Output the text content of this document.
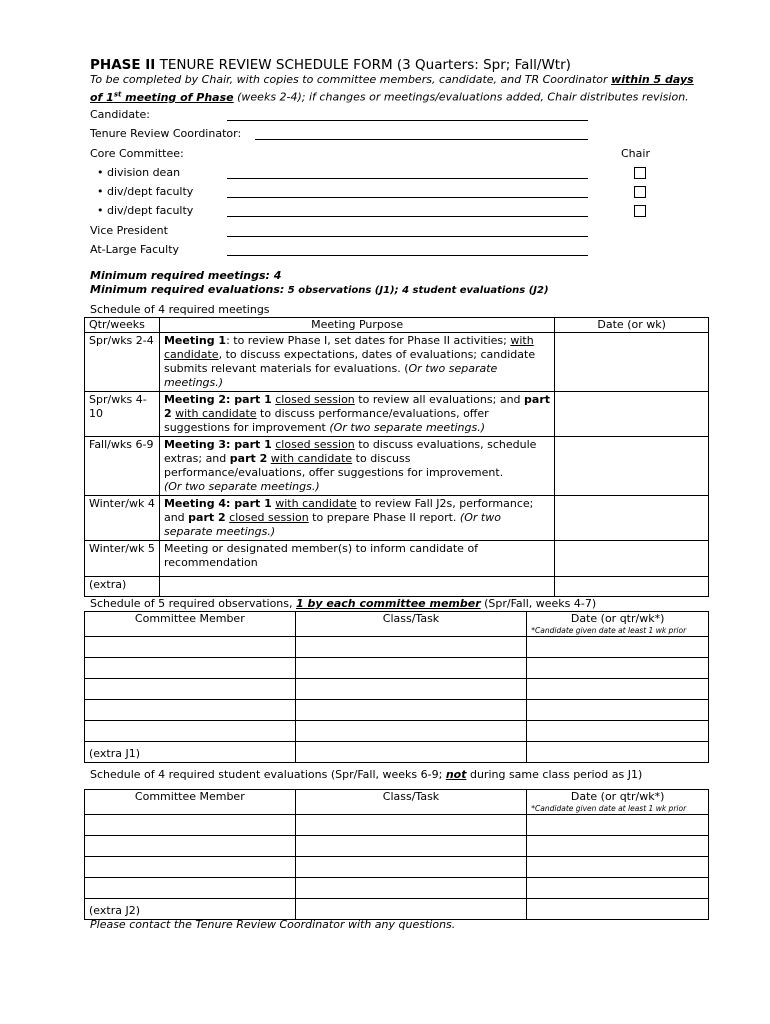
PHASE II TENURE REVIEW SCHEDULE FORM (3 Quarters: Spr; Fall/Wtr)
To be completed by Chair, with copies to committee members, candidate, and TR Coordinator within 5 days
of 1st meeting of Phase (weeks 2-4); if changes or meetings/evaluations added, Chair distributes revision.
Candidate:
Tenure Review Coordinator:
Core Committee:	Chair
• division dean
• div/dept faculty
• div/dept faculty
Vice President
At-Large Faculty
Minimum required meetings: 4
Minimum required evaluations: 5 observations (J1); 4 student evaluations (J2)
Schedule of 4 required meetings
Qtr/weeks	Meeting Purpose	Date (or wk)
Spr/wks 2-4	Meeting 1: to review Phase I, set dates for Phase II activities; with candidate, to discuss expectations, dates of evaluations; candidate submits relevant materials for evaluations. (Or two separate meetings.)	
Spr/wks 4-10	Meeting 2: part 1 closed session to review all evaluations; and part 2 with candidate to discuss performance/evaluations, offer suggestions for improvement (Or two separate meetings.)	
Fall/wks 6-9	Meeting 3: part 1 closed session to discuss evaluations, schedule extras; and part 2 with candidate to discuss performance/evaluations, offer suggestions for improvement.
(Or two separate meetings.)	
Winter/wk 4	Meeting 4: part 1 with candidate to review Fall J2s, performance; and part 2 closed session to prepare Phase II report. (Or two separate meetings.)	
Winter/wk 5	Meeting or designated member(s) to inform candidate of recommendation	
(extra)		
Schedule of 5 required observations, 1 by each committee member (Spr/Fall, weeks 4-7)
Committee Member	Class/Task	Date (or qtr/wk*)
*Candidate given date at least 1 wk prior

(extra J1)		
Schedule of 4 required student evaluations (Spr/Fall, weeks 6-9; not during same class period as J1)
Committee Member	Class/Task	Date (or qtr/wk*)
*Candidate given date at least 1 wk prior

(extra J2)		
Please contact the Tenure Review Coordinator with any questions.
